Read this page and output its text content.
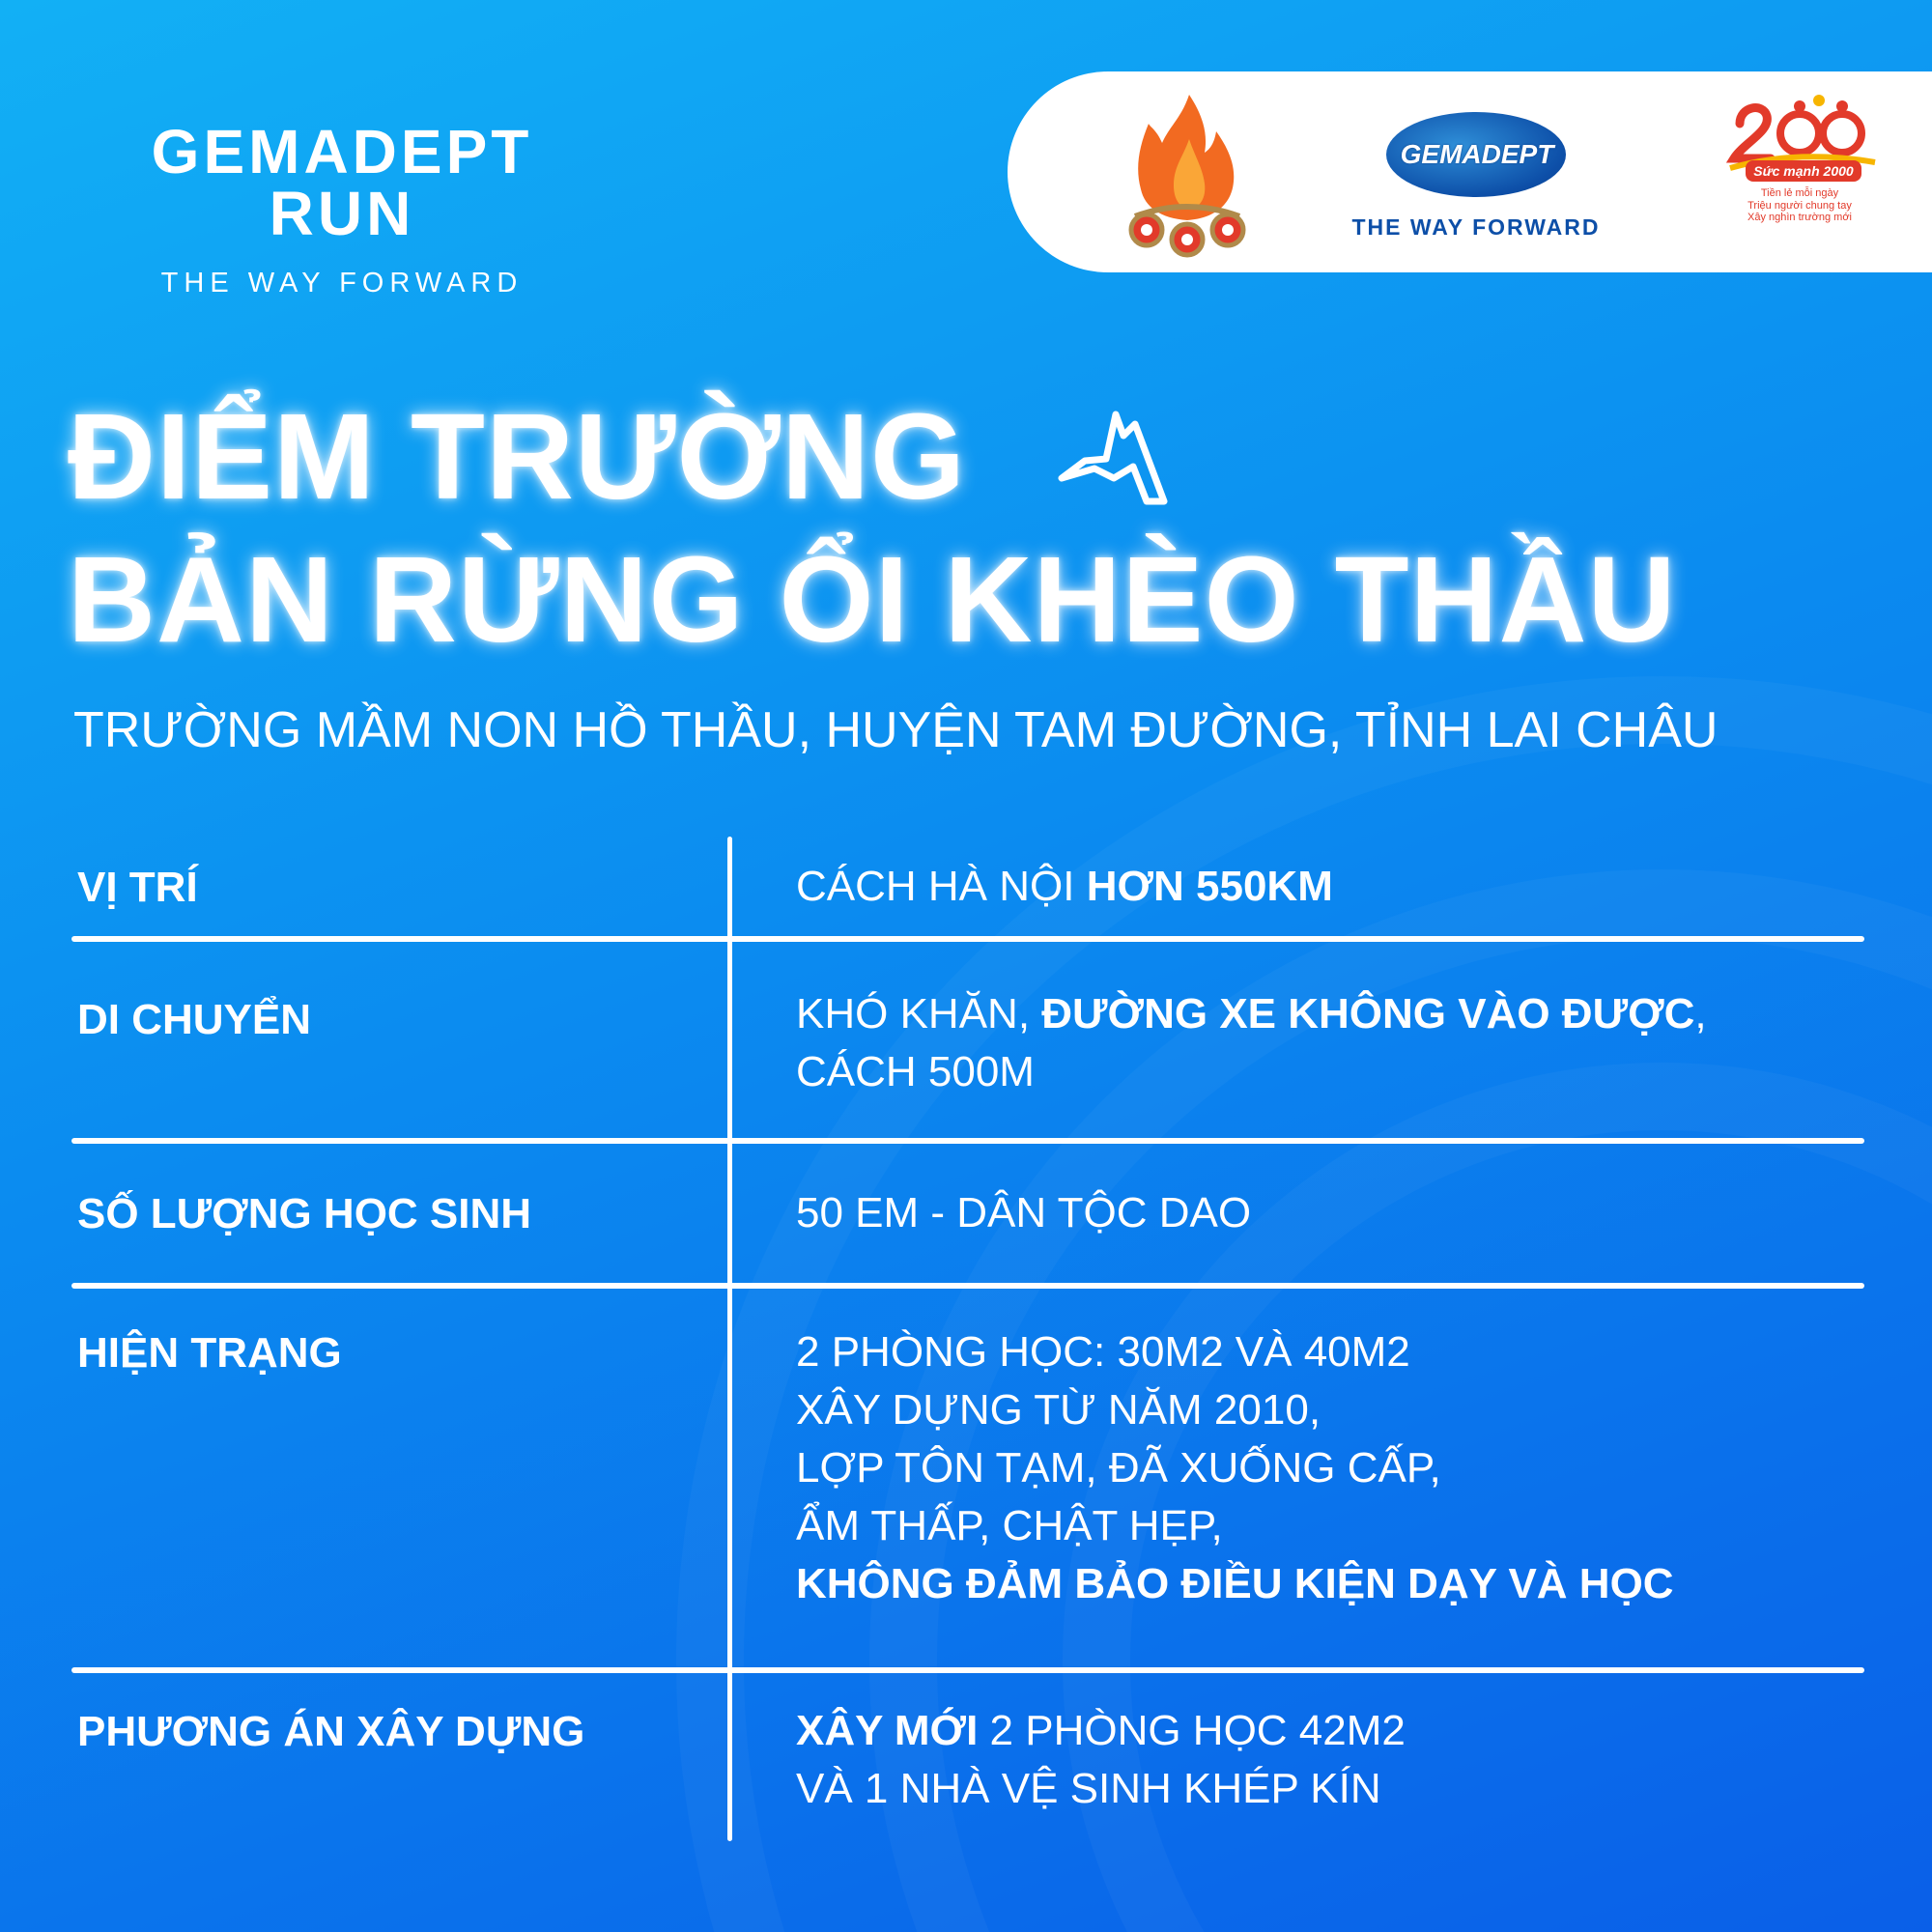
GEMADEPT RUN
THE WAY FORWARD
GEMADEPT
THE WAY FORWARD
Sức mạnh 2000
Tiền lẻ mỗi ngày
Triệu người chung tay
Xây nghìn trường mới
ĐIỂM TRƯỜNG
BẢN RỪNG ỔI KHÈO THẦU
TRƯỜNG MẦM NON HỒ THẦU, HUYỆN TAM ĐƯỜNG, TỈNH LAI CHÂU
VỊ TRÍ	CÁCH HÀ NỘI HƠN 550KM
DI CHUYỂN	KHÓ KHĂN, ĐƯỜNG XE KHÔNG VÀO ĐƯỢC,
CÁCH 500M
SỐ LƯỢNG HỌC SINH	50 EM - DÂN TỘC DAO
HIỆN TRẠNG	2 PHÒNG HỌC: 30M2 VÀ 40M2
XÂY DỰNG TỪ NĂM 2010,
LỢP TÔN TẠM, ĐÃ XUỐNG CẤP,
ẨM THẤP, CHẬT HẸP,
KHÔNG ĐẢM BẢO ĐIỀU KIỆN DẠY VÀ HỌC
PHƯƠNG ÁN XÂY DỰNG	XÂY MỚI 2 PHÒNG HỌC 42M2
VÀ 1 NHÀ VỆ SINH KHÉP KÍN
